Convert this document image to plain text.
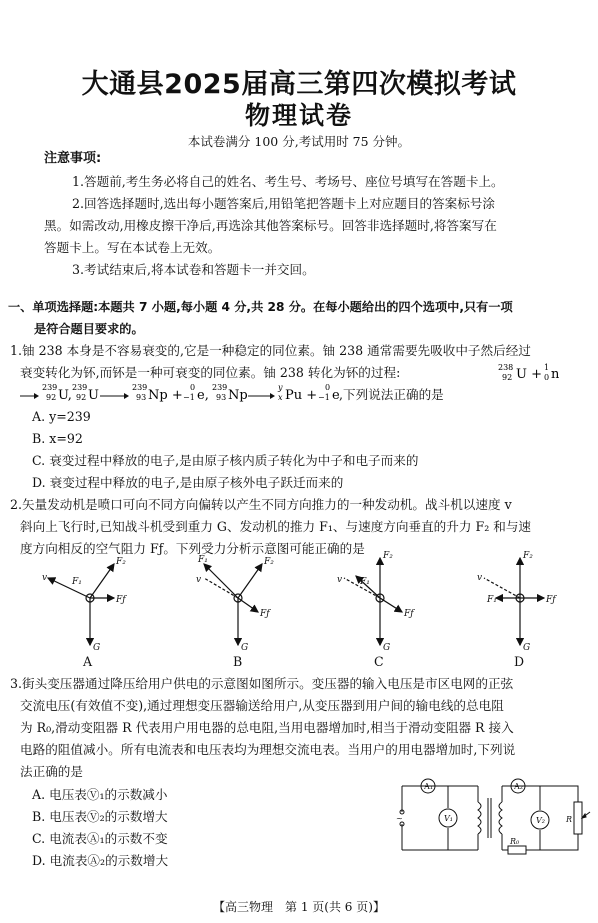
大通县2025届高三第四次模拟考试
物理试卷
本试卷满分 100 分,考试用时 75 分钟。
注意事项:
1.答题前,考生务必将自己的姓名、考生号、考场号、座位号填写在答题卡上。
2.回答选择题时,选出每小题答案后,用铅笔把答题卡上对应题目的答案标号涂
黑。如需改动,用橡皮擦干净后,再选涂其他答案标号。回答非选择题时,将答案写在
答题卡上。写在本试卷上无效。
3.考试结束后,将本试卷和答题卡一并交回。
一、单项选择题:本题共 7 小题,每小题 4 分,共 28 分。在每小题给出的四个选项中,只有一项
是符合题目要求的。
1.铀 238 本身是不容易衰变的,它是一种稳定的同位素。铀 238 通常需要先吸收中子然后经过
衰变转化为钚,而钚是一种可衰变的同位素。铀 238 转化为钚的过程:	238
92 U + 1
0 n
239
92 U,
239
92 U
239
93 Np +
0
−1 e,
239
93 Np
y
x Pu +
0
−1 e ,下列说法正确的是
A. y=239
B. x=92
C. 衰变过程中释放的电子,是由原子核内质子转化为中子和电子而来的
D. 衰变过程中释放的电子,是由原子核外电子跃迁而来的
2.矢量发动机是喷口可向不同方向偏转以产生不同方向推力的一种发动机。战斗机以速度 v
斜向上飞行时,已知战斗机受到重力 G、发动机的推力 F₁、与速度方向垂直的升力 F₂ 和与速
度方向相反的空气阻力 Fƒ。下列受力分析示意图可能正确的是
F₂
v	F₁
Fƒ
G
F₂
F₁
v
Fƒ
G
F₂
F₁
v
Fƒ
G
F₂
F₁	Fƒ
v
G
A	B	C	D
3.街头变压器通过降压给用户供电的示意图如图所示。变压器的输入电压是市区电网的正弦
交流电压(有效值不变),通过理想变压器输送给用户,从变压器到用户间的输电线的总电阻
为 R₀,滑动变阻器 R 代表用户用电器的总电阻,当用电器增加时,相当于滑动变阻器 R 接入
电路的阻值减小。所有电流表和电压表均为理想交流电表。当用户的用电器增加时,下列说
法正确的是
A. 电压表Ⓥ₁的示数减小
B. 电压表Ⓥ₂的示数增大
C. 电流表Ⓐ₁的示数不变
D. 电流表Ⓐ₂的示数增大
A₁	A₂
V₁	V₂	R
R₀
~
【高三物理　第 1 页(共 6 页)】
